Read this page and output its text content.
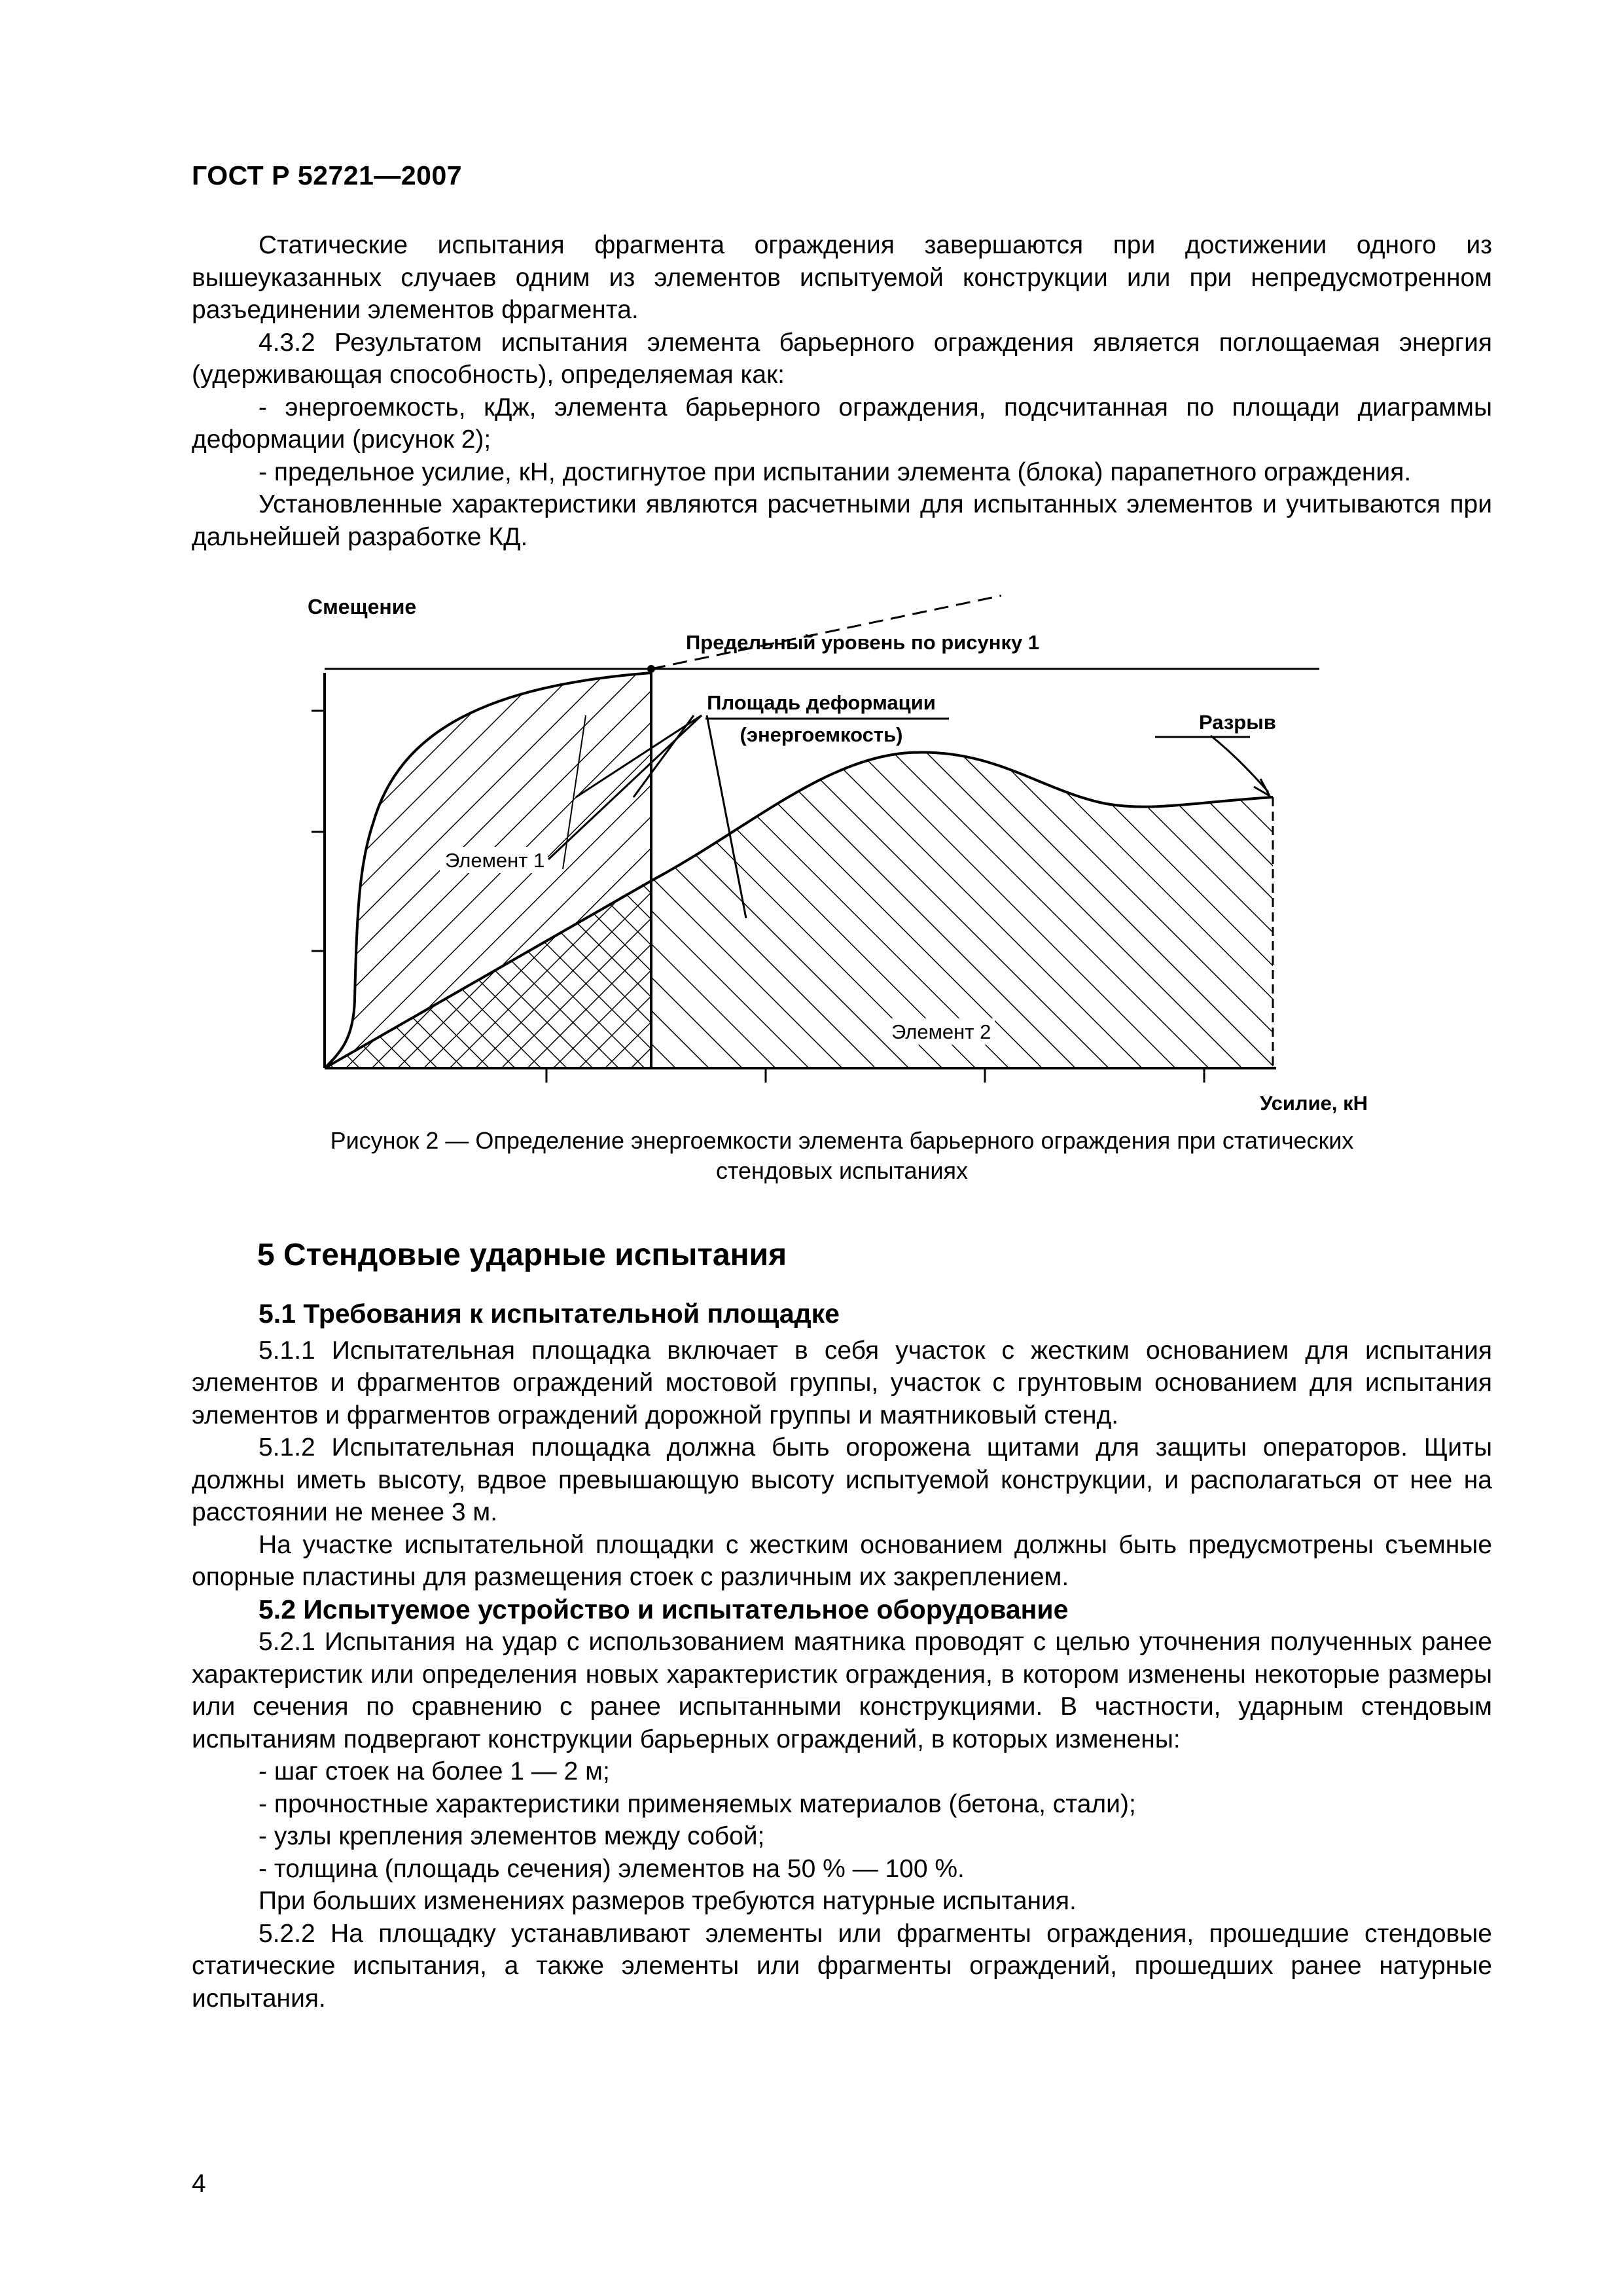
ГОСТ Р 52721—2007

Статические испытания фрагмента ограждения завершаются при достижении одного из вышеуказанных случаев одним из элементов испытуемой конструкции или при непредусмотренном разъединении элементов фрагмента.

4.3.2 Результатом испытания элемента барьерного ограждения является поглощаемая энергия (удерживающая способность), определяемая как:

- энергоемкость, кДж, элемента барьерного ограждения, подсчитанная по площади диаграммы деформации (рисунок 2);

- предельное усилие, кН, достигнутое при испытании элемента (блока) парапетного ограждения.

Установленные характеристики являются расчетными для испытанных элементов и учитываются при дальнейшей разработке КД.

Смещение
Предельный уровень по рисунку 1
Площадь деформации
(энергоемкость)
Разрыв
Элемент 1
Элемент 2
Усилие, кН
Рисунок 2 — Определение энергоемкости элемента барьерного ограждения при статических
стендовых испытаниях
5 Стендовые ударные испытания

5.1 Требования к испытательной площадке

5.1.1 Испытательная площадка включает в себя участок с жестким основанием для испытания элементов и фрагментов ограждений мостовой группы, участок с грунтовым основанием для испытания элементов и фрагментов ограждений дорожной группы и маятниковый стенд.

5.1.2 Испытательная площадка должна быть огорожена щитами для защиты операторов. Щиты должны иметь высоту, вдвое превышающую высоту испытуемой конструкции, и располагаться от нее на расстоянии не менее 3 м.

На участке испытательной площадки с жестким основанием должны быть предусмотрены съемные опорные пластины для размещения стоек с различным их закреплением.

5.2 Испытуемое устройство и испытательное оборудование

5.2.1 Испытания на удар с использованием маятника проводят с целью уточнения полученных ранее характеристик или определения новых характеристик ограждения, в котором изменены некоторые размеры или сечения по сравнению с ранее испытанными конструкциями. В частности, ударным стендовым испытаниям подвергают конструкции барьерных ограждений, в которых изменены:

- шаг стоек на более 1 — 2 м;

- прочностные характеристики применяемых материалов (бетона, стали);

- узлы крепления элементов между собой;

- толщина (площадь сечения) элементов на 50 % — 100 %.

При больших изменениях размеров требуются натурные испытания.

5.2.2 На площадку устанавливают элементы или фрагменты ограждения, прошедшие стендовые статические испытания, а также элементы или фрагменты ограждений, прошедших ранее натурные испытания.

4
